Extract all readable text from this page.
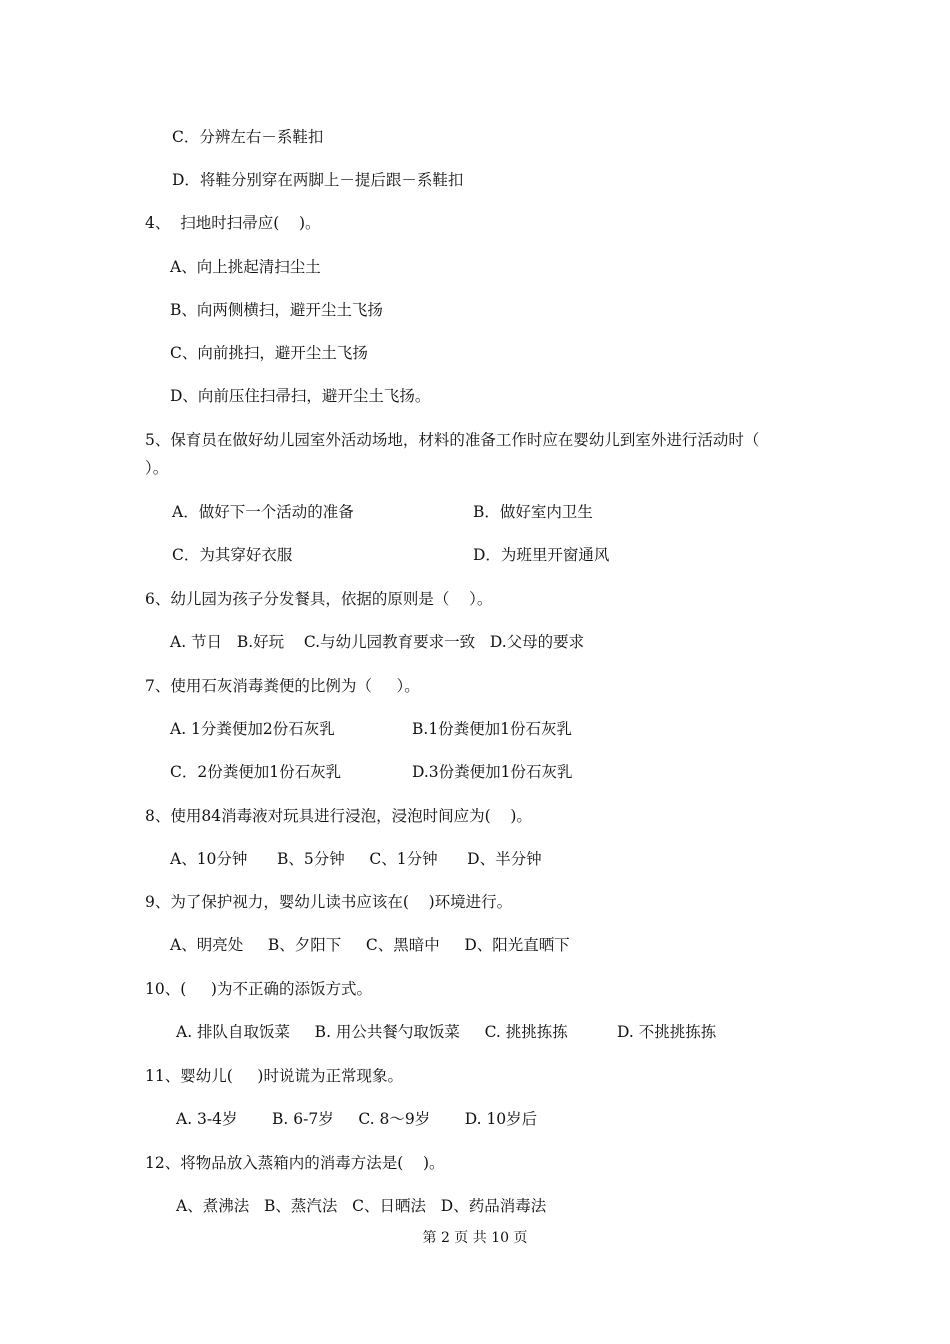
C．分辨左右－系鞋扣
D．将鞋分别穿在两脚上－提后跟－系鞋扣
4、  扫地时扫帚应(    )。
A、向上挑起清扫尘土
B、向两侧横扫，避开尘土飞扬
C、向前挑扫，避开尘土飞扬
D、向前压住扫帚扫，避开尘土飞扬。
5、保育员在做好幼儿园室外活动场地，材料的准备工作时应在婴幼儿到室外进行活动时（
）。
A．做好下一个活动的准备	B．做好室内卫生
C．为其穿好衣服	D．为班里开窗通风
6、幼儿园为孩子分发餐具，依据的原则是（    ）。
A. 节日   B.好玩    C.与幼儿园教育要求一致   D.父母的要求
7、使用石灰消毒粪便的比例为（     ）。
A. 1分粪便加2份石灰乳	B.1份粪便加1份石灰乳
C．2份粪便加1份石灰乳	D.3份粪便加1份石灰乳
8、使用84消毒液对玩具进行浸泡，浸泡时间应为(    )。
A、10分钟      B、5分钟     C、1分钟      D、半分钟
9、为了保护视力，婴幼儿读书应该在(    )环境进行。
A、明亮处     B、夕阳下     C、黑暗中     D、阳光直晒下
10、(     )为不正确的添饭方式。
A. 排队自取饭菜     B. 用公共餐勺取饭菜     C. 挑挑拣拣          D. 不挑挑拣拣
11、婴幼儿(     )时说谎为正常现象。
A. 3-4岁       B. 6-7岁     C. 8～9岁       D. 10岁后
12、将物品放入蒸箱内的消毒方法是(    )。
A、煮沸法   B、蒸汽法   C、日晒法   D、药品消毒法
第 2 页 共 10 页
